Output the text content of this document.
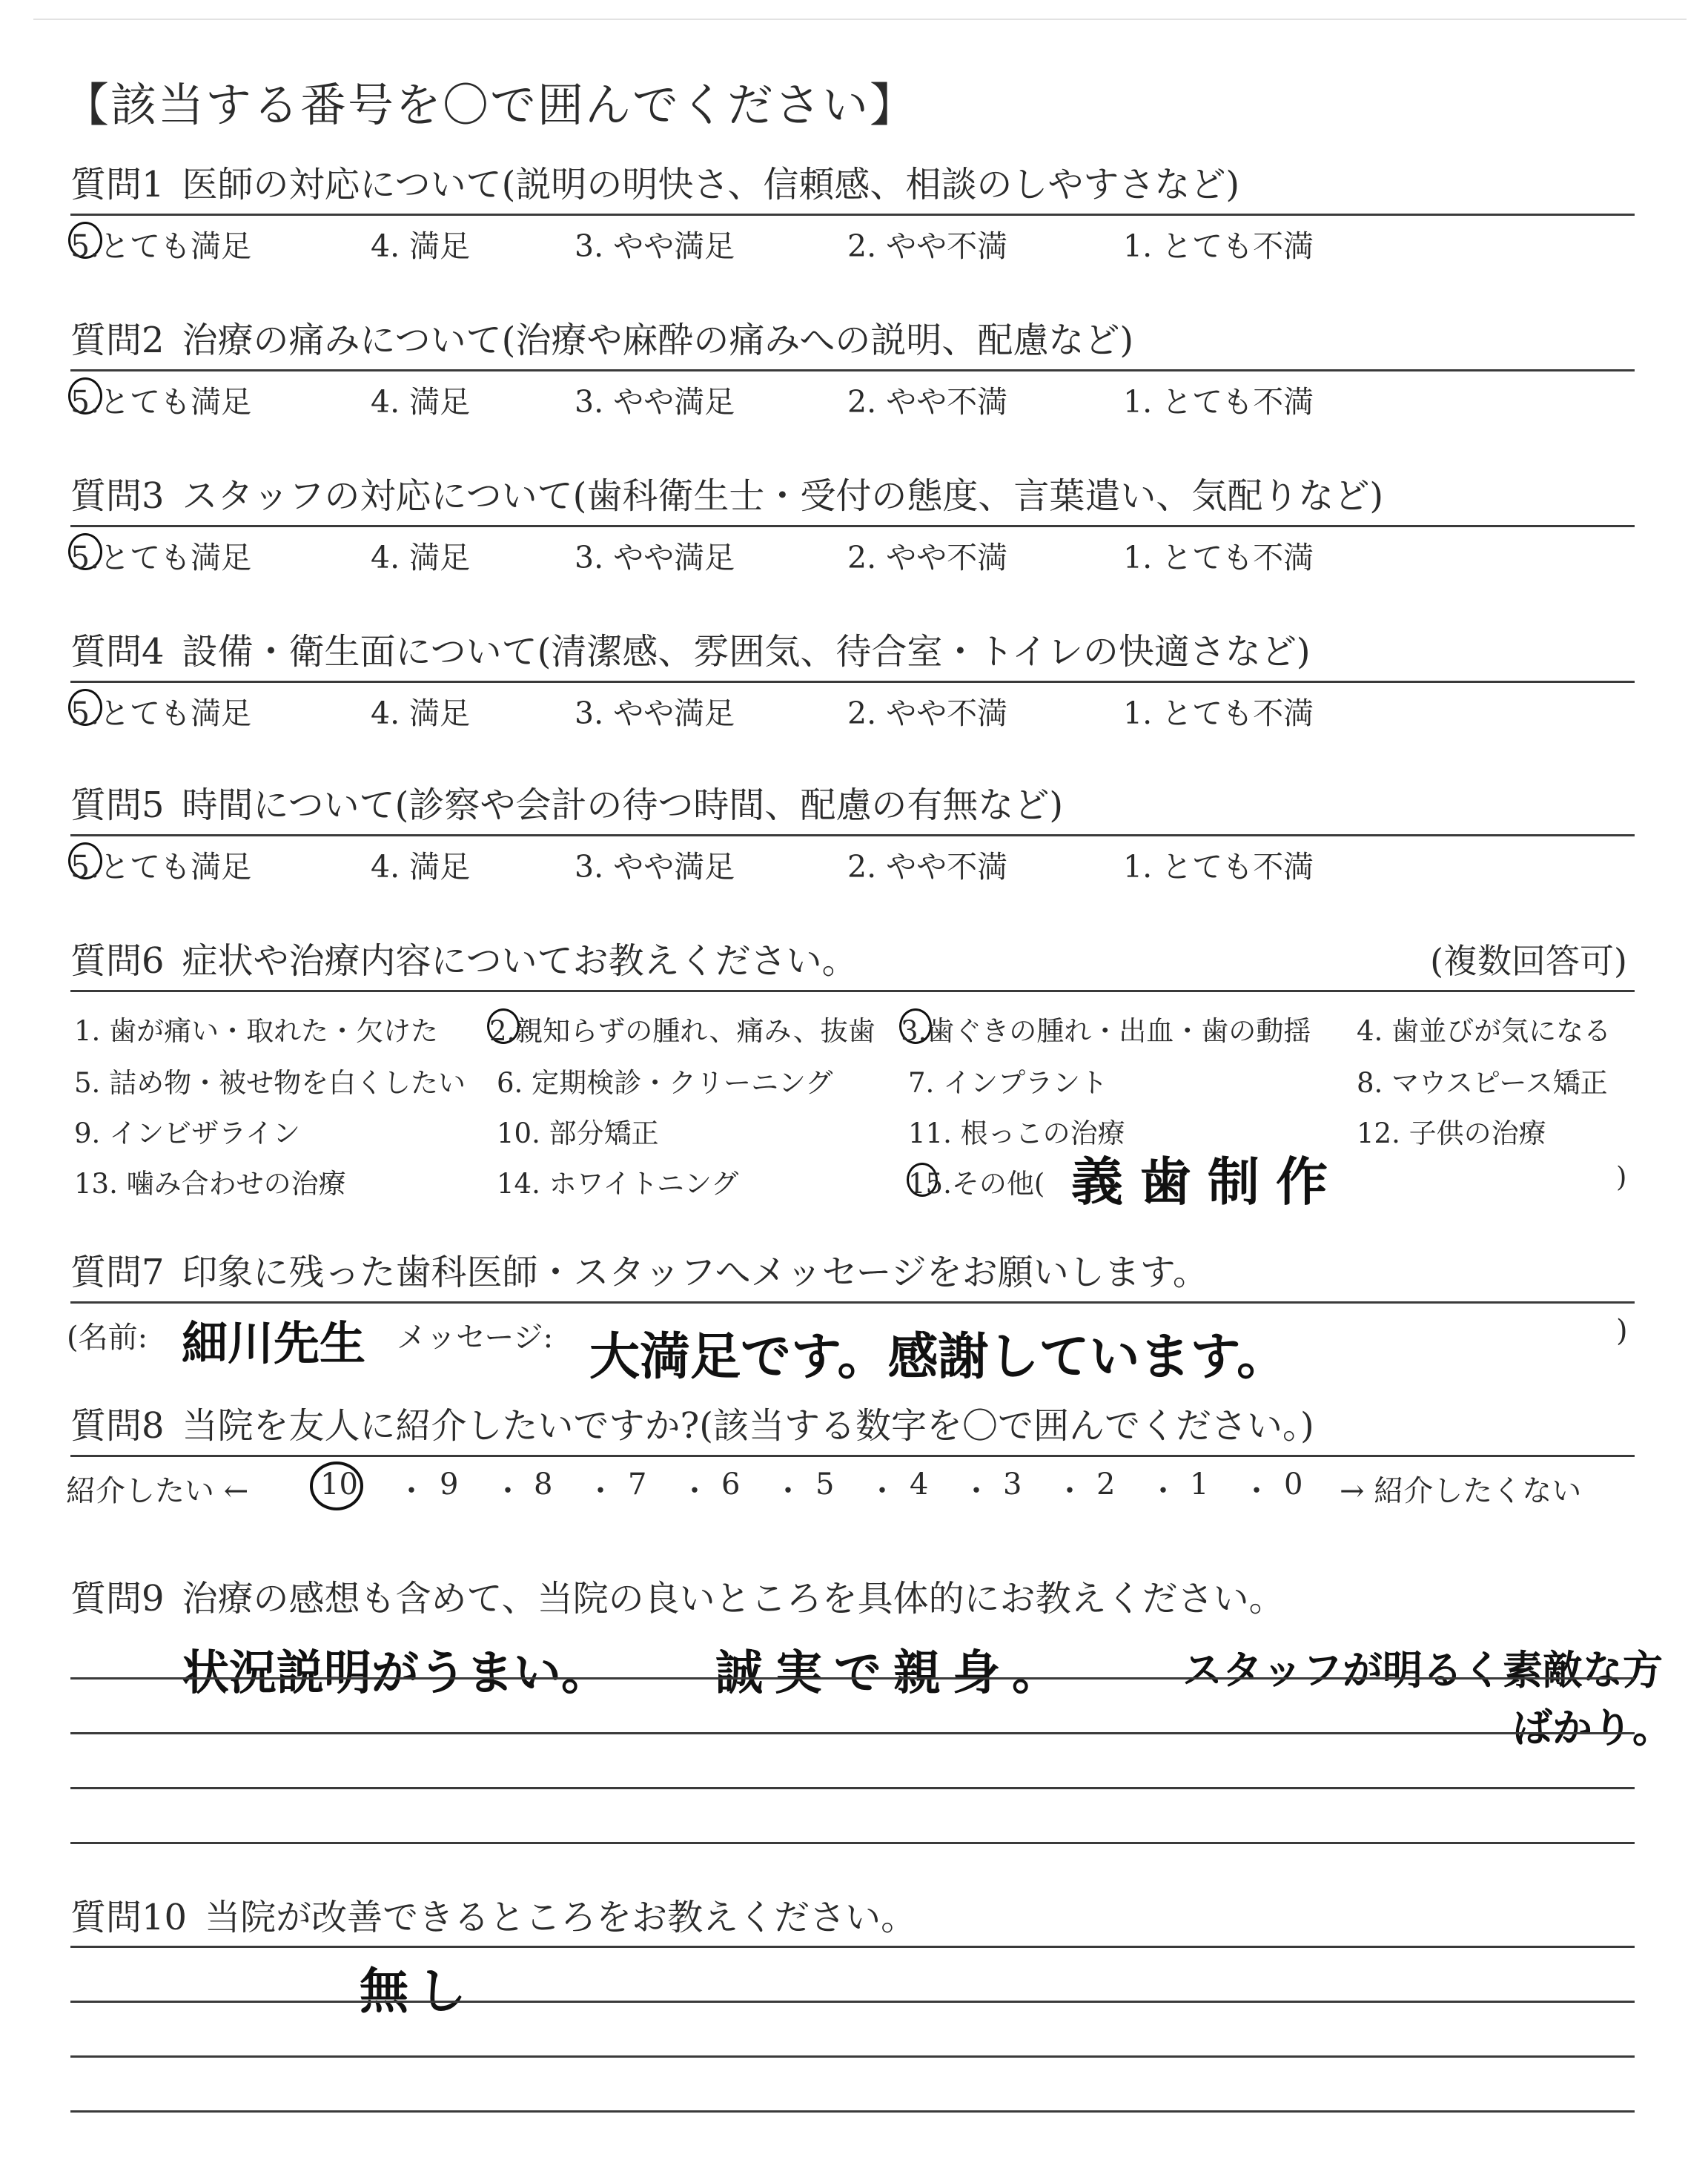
【該当する番号を〇で囲んでください】
質問1 医師の対応について(説明の明快さ、信頼感、相談のしやすさなど)
5.とても満足	4. 満足	3. やや満足	2. やや不満	1. とても不満
質問2 治療の痛みについて(治療や麻酔の痛みへの説明、配慮など)
5.とても満足	4. 満足	3. やや満足	2. やや不満	1. とても不満
質問3 スタッフの対応について(歯科衛生士・受付の態度、言葉遣い、気配りなど)
5.とても満足	4. 満足	3. やや満足	2. やや不満	1. とても不満
質問4 設備・衛生面について(清潔感、雰囲気、待合室・トイレの快適さなど)
5.とても満足	4. 満足	3. やや満足	2. やや不満	1. とても不満
質問5 時間について(診察や会計の待つ時間、配慮の有無など)
5.とても満足	4. 満足	3. やや満足	2. やや不満	1. とても不満
質問6 症状や治療内容についてお教えください。	(複数回答可)
1. 歯が痛い・取れた・欠けた 2.親知らずの腫れ、痛み、抜歯 3.歯ぐきの腫れ・出血・歯の動揺 4. 歯並びが気になる
5. 詰め物・被せ物を白くしたい 6. 定期検診・クリーニング	7. インプラント	8. マウスピース矯正
9. インビザライン	10. 部分矯正	11. 根っこの治療	12. 子供の治療
13. 噛み合わせの治療	14. ホワイトニング	15.その他( 義歯制作	)
質問7 印象に残った歯科医師・スタッフへメッセージをお願いします。
(名前: 細川先生 メッセージ: 大満足です。感謝しています。	)
質問8 当院を友人に紹介したいですか?(該当する数字を〇で囲んでください。)
紹介したい ← 10 ・ 9 ・ 8 ・ 7 ・ 6 ・ 5 ・ 4 ・ 3 ・ 2 ・ 1 ・ 0 → 紹介したくない
質問9 治療の感想も含めて、当院の良いところを具体的にお教えください。
状況説明がうまい。 誠実で親身。	スタッフが明るく素敵な方
ばかり。
質問10 当院が改善できるところをお教えください。
無し
